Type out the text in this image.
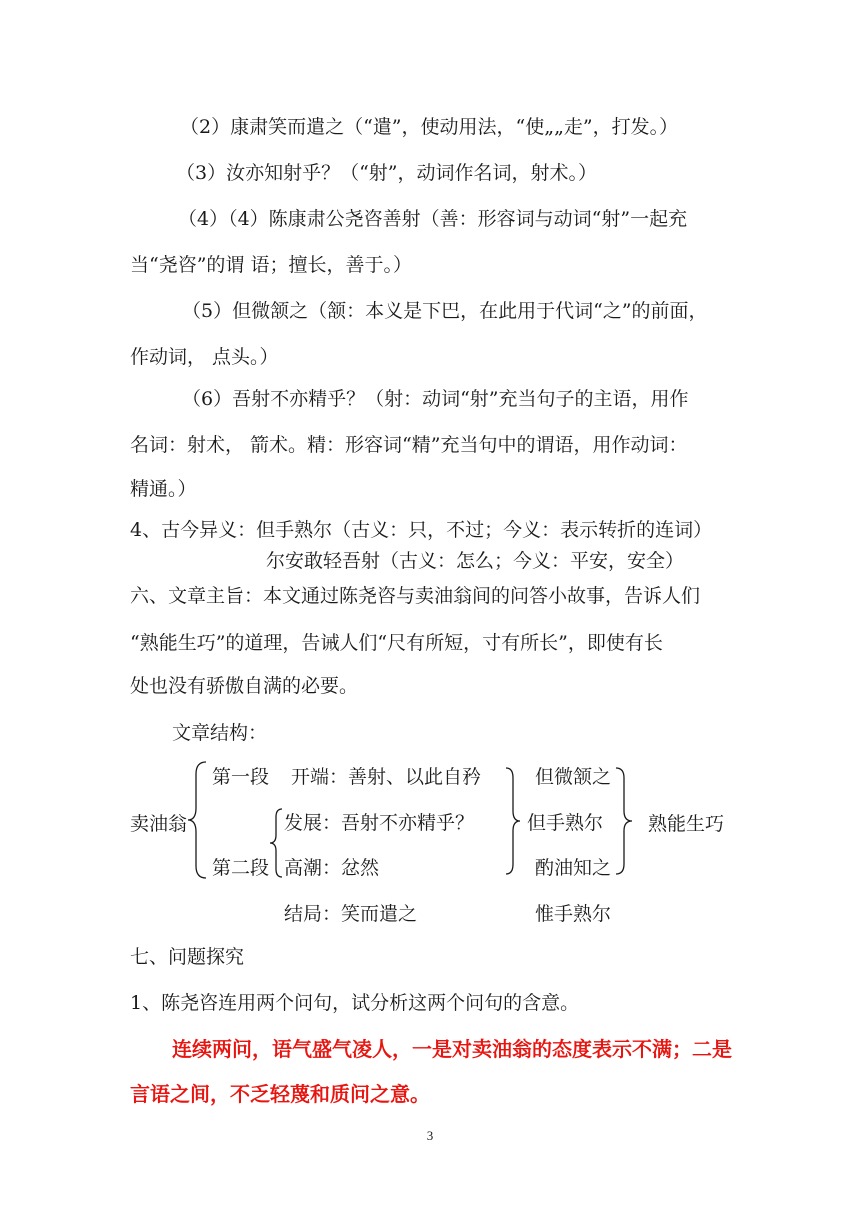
（2）康肃笑而遣之（“遣”，使动用法，“使„„走”，打发。）
（3）汝亦知射乎？（“射”，动词作名词，射术。）
（4）（4）陈康肃公尧咨善射（善：形容词与动词“射”一起充
当“尧咨”的谓 语；擅长，善于。）
（5）但微颔之（颔：本义是下巴，在此用于代词“之”的前面，
作动词， 点头。）
（6）吾射不亦精乎？（射：动词“射”充当句子的主语，用作
名词：射术， 箭术。精：形容词“精”充当句中的谓语，用作动词：
精通。）
4、古今异义：但手熟尔（古义：只，不过；今义：表示转折的连词）
尔安敢轻吾射（古义：怎么；今义：平安，安全）
六、文章主旨：本文通过陈尧咨与卖油翁间的问答小故事，告诉人们
“熟能生巧”的道理，告诫人们“尺有所短，寸有所长”，即使有长
处也没有骄傲自满的必要。
文章结构：
卖油翁
第一段 开端：善射、以此自矜
第二段
发展：吾射不亦精乎？
高潮：忿然
但微颔之
但手熟尔
酌油知之
熟能生巧
结局：笑而遣之	惟手熟尔
七、问题探究
1、陈尧咨连用两个问句，试分析这两个问句的含意。
连续两问，语气盛气凌人，一是对卖油翁的态度表示不满；二是
言语之间，不乏轻蔑和质问之意。
3
